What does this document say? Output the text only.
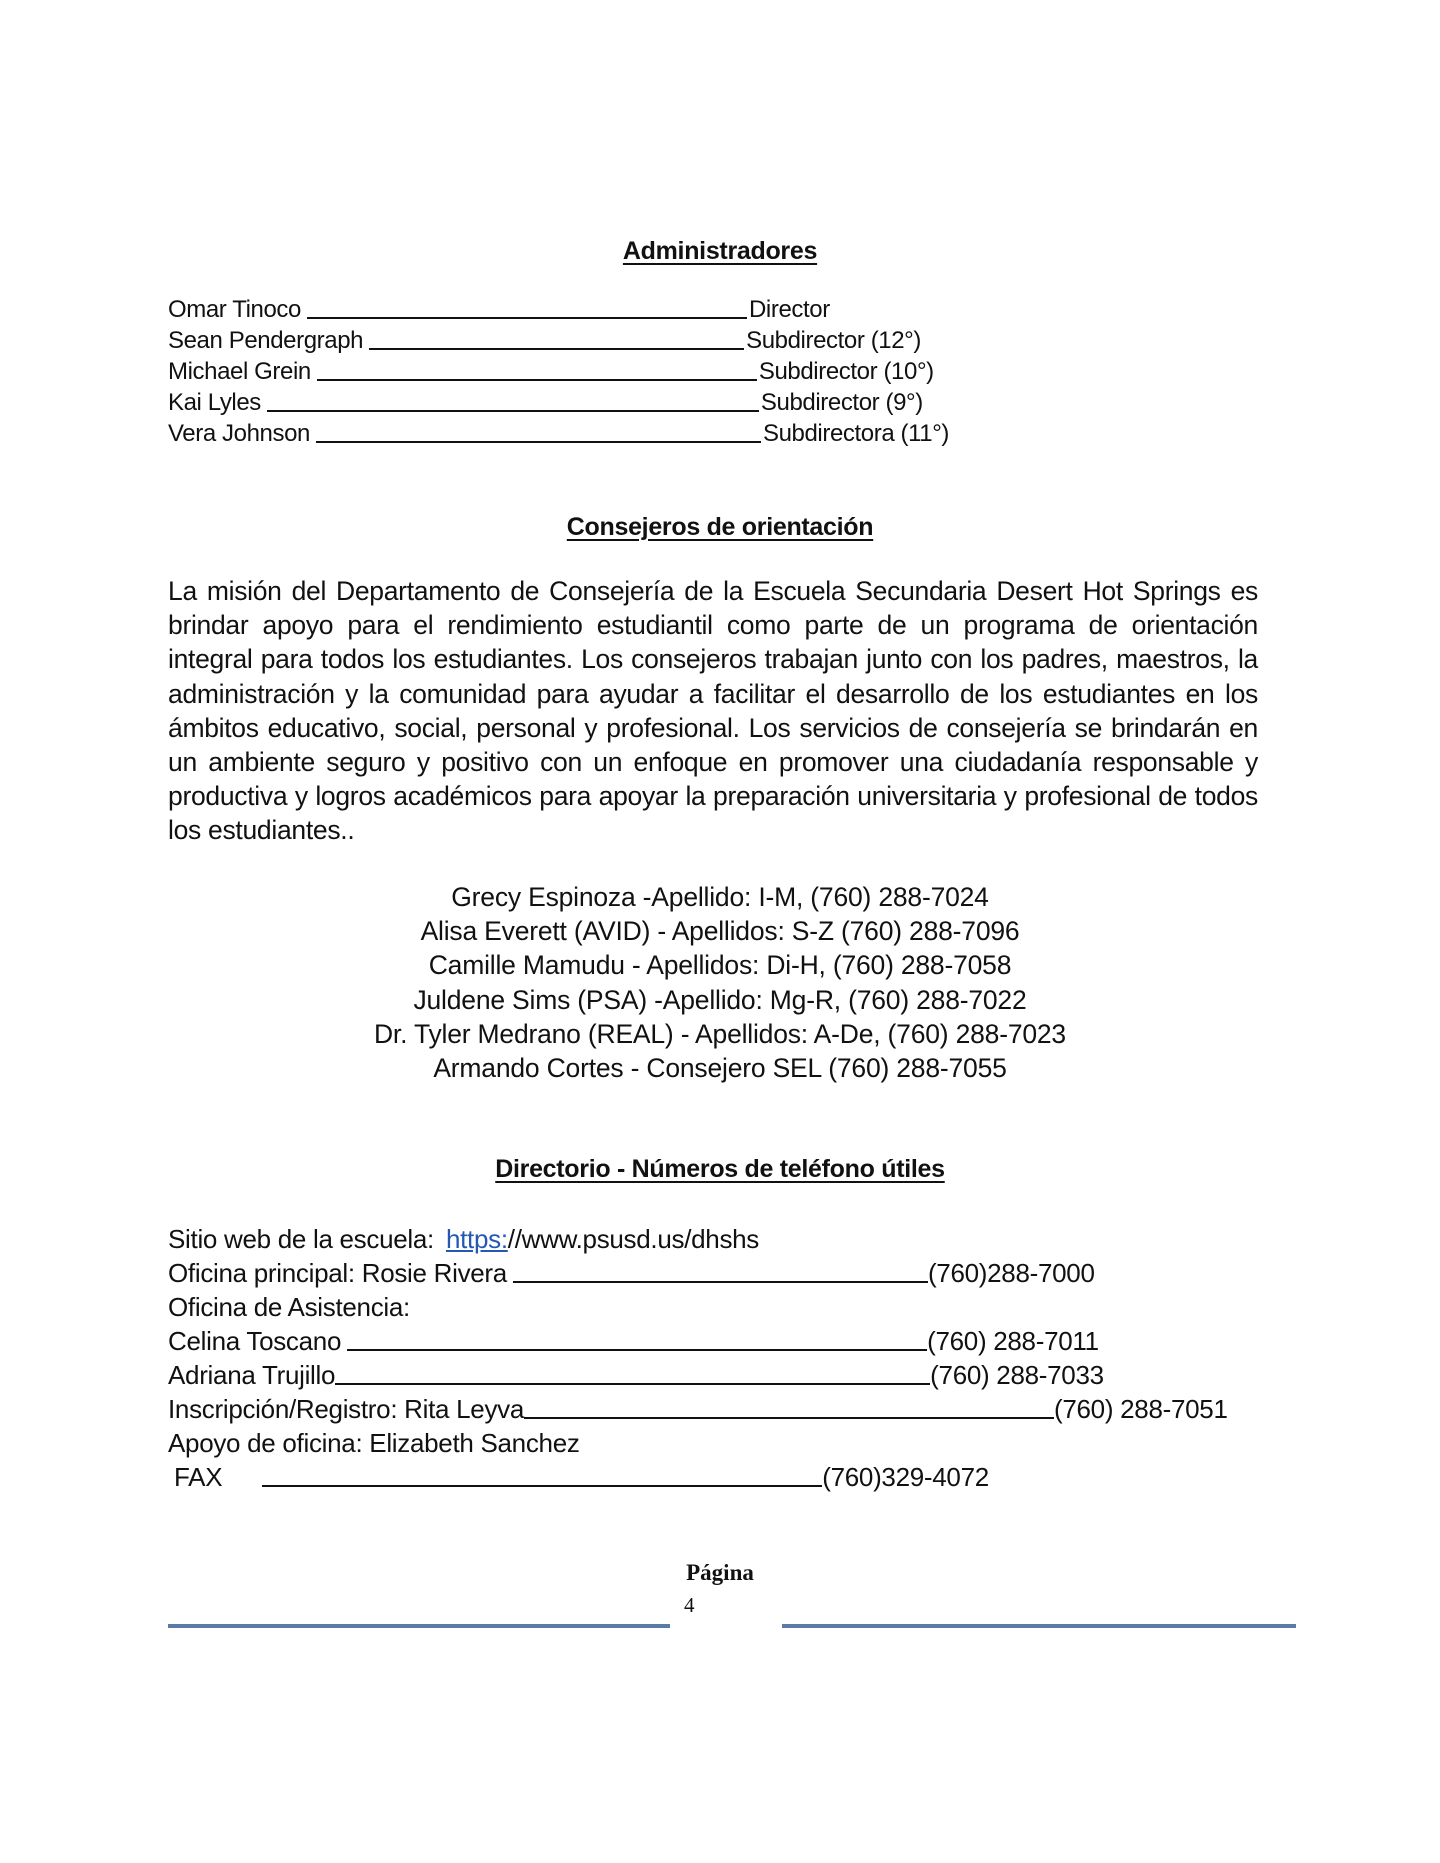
Administradores
Omar Tinoco	Director
Sean Pendergraph	Subdirector (12°)
Michael Grein	Subdirector (10°)
Kai Lyles	Subdirector (9°)
Vera Johnson	Subdirectora (11°)
Consejeros de orientación
La misión del Departamento de Consejería de la Escuela Secundaria Desert Hot Springs es brindar apoyo para el rendimiento estudiantil como parte de un programa de orientación integral para todos los estudiantes. Los consejeros trabajan junto con los padres, maestros, la administración y la comunidad para ayudar a facilitar el desarrollo de los estudiantes en los ámbitos educativo, social, personal y profesional. Los servicios de consejería se brindarán en un ambiente seguro y positivo con un enfoque en promover una ciudadanía responsable y productiva y logros académicos para apoyar la preparación universitaria y profesional de todos los estudiantes..
Grecy Espinoza -Apellido: I-M, (760) 288-7024
Alisa Everett (AVID) - Apellidos: S-Z (760) 288-7096
Camille Mamudu - Apellidos: Di-H, (760) 288-7058
Juldene Sims (PSA) -Apellido: Mg-R, (760) 288-7022
Dr. Tyler Medrano (REAL) - Apellidos: A-De, (760) 288-7023
Armando Cortes - Consejero SEL (760) 288-7055
Directorio - Números de teléfono útiles
Sitio web de la escuela: https: //www.psusd.us/dhshs
Oficina principal: Rosie Rivera	(760)288-7000
Oficina de Asistencia:
Celina Toscano	(760) 288-7011
Adriana Trujillo	(760) 288-7033
Inscripción/Registro: Rita Leyva	(760) 288-7051
Apoyo de oficina: Elizabeth Sanchez
FAX	(760)329-4072
Página
4
